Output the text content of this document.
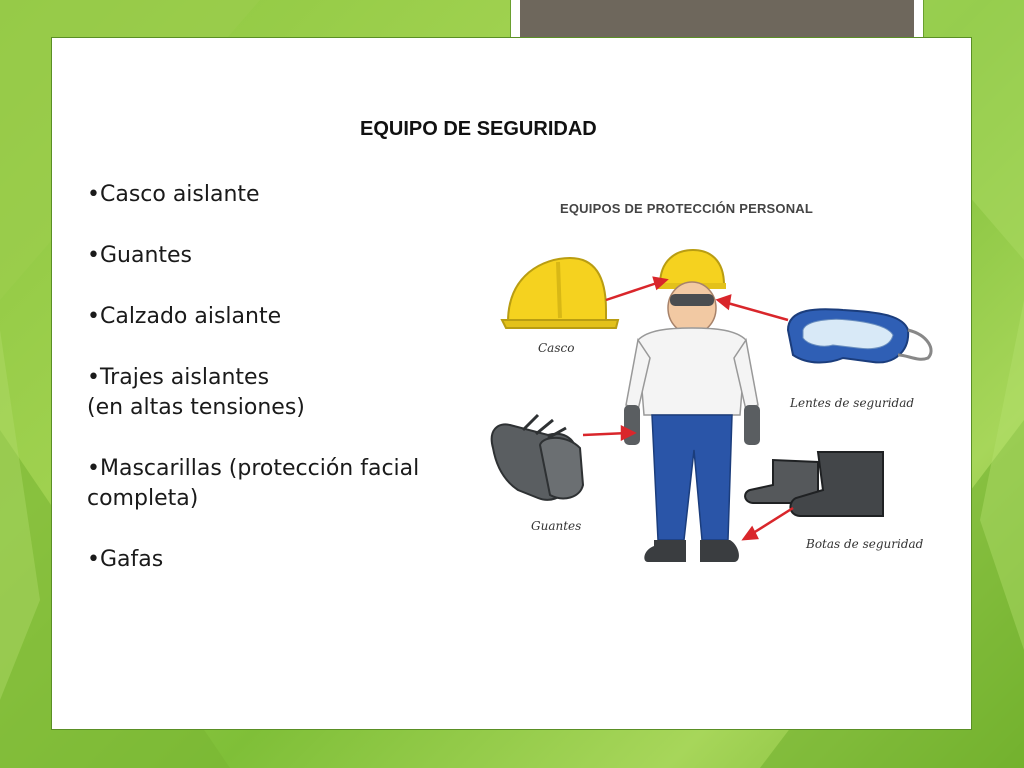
EQUIPO DE SEGURIDAD
•Casco aislante
•Guantes
•Calzado aislante
•Trajes aislantes
(en altas tensiones)
•Mascarillas (protección facial
completa)
•Gafas
EQUIPOS DE PROTECCIÓN PERSONAL
Casco
Lentes de seguridad
Guantes
Botas de seguridad
